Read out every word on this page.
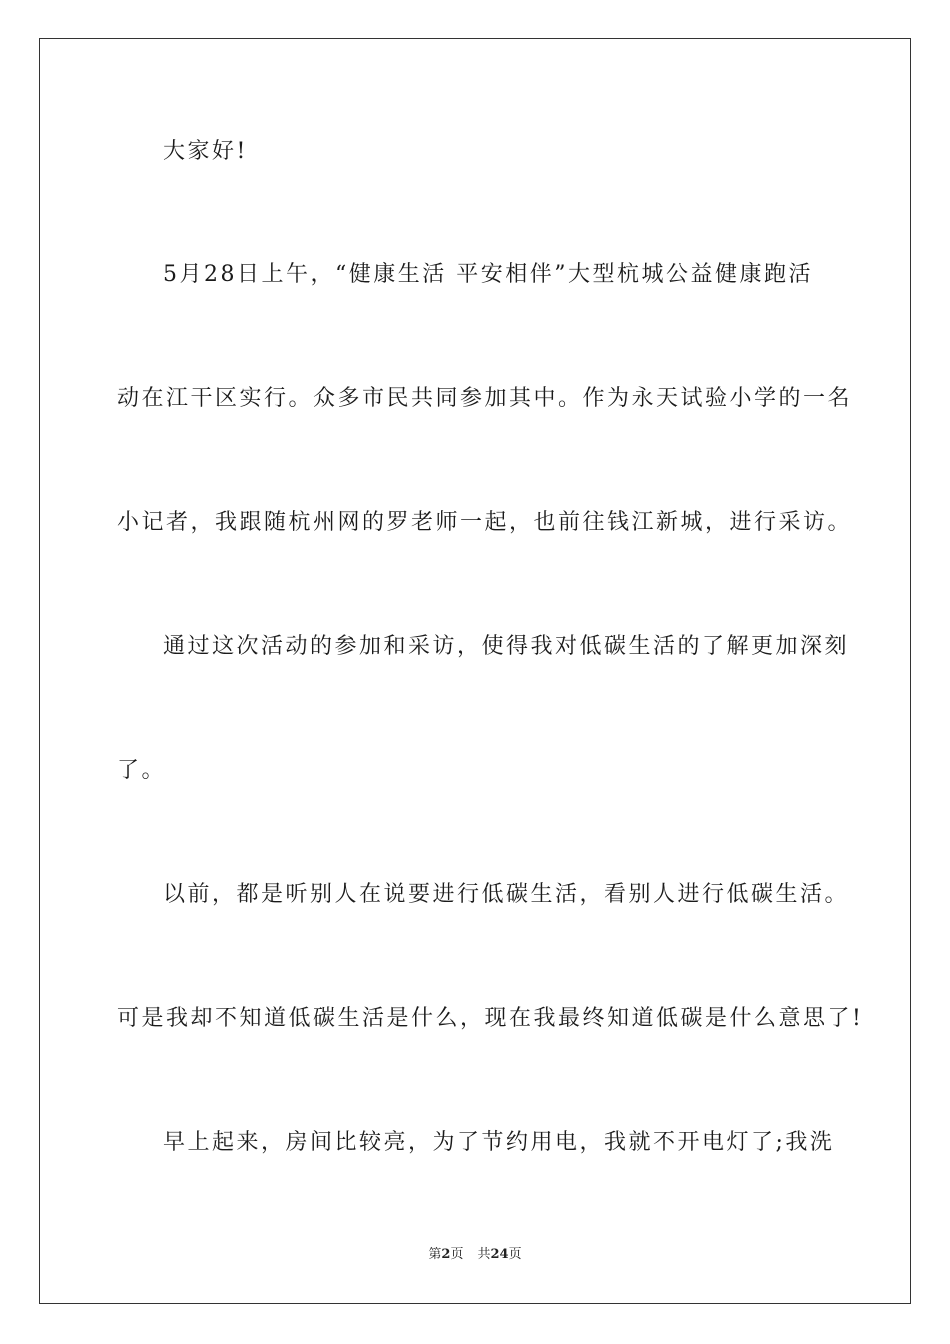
大家好!

5月28日上午，“健康生活 平安相伴”大型杭城公益健康跑活

动在江干区实行。众多市民共同参加其中。作为永天试验小学的一名

小记者，我跟随杭州网的罗老师一起，也前往钱江新城，进行采访。

通过这次活动的参加和采访，使得我对低碳生活的了解更加深刻

了。

以前，都是听别人在说要进行低碳生活，看别人进行低碳生活。

可是我却不知道低碳生活是什么，现在我最终知道低碳是什么意思了!

早上起来，房间比较亮，为了节约用电，我就不开电灯了;我洗

第2页 共24页
